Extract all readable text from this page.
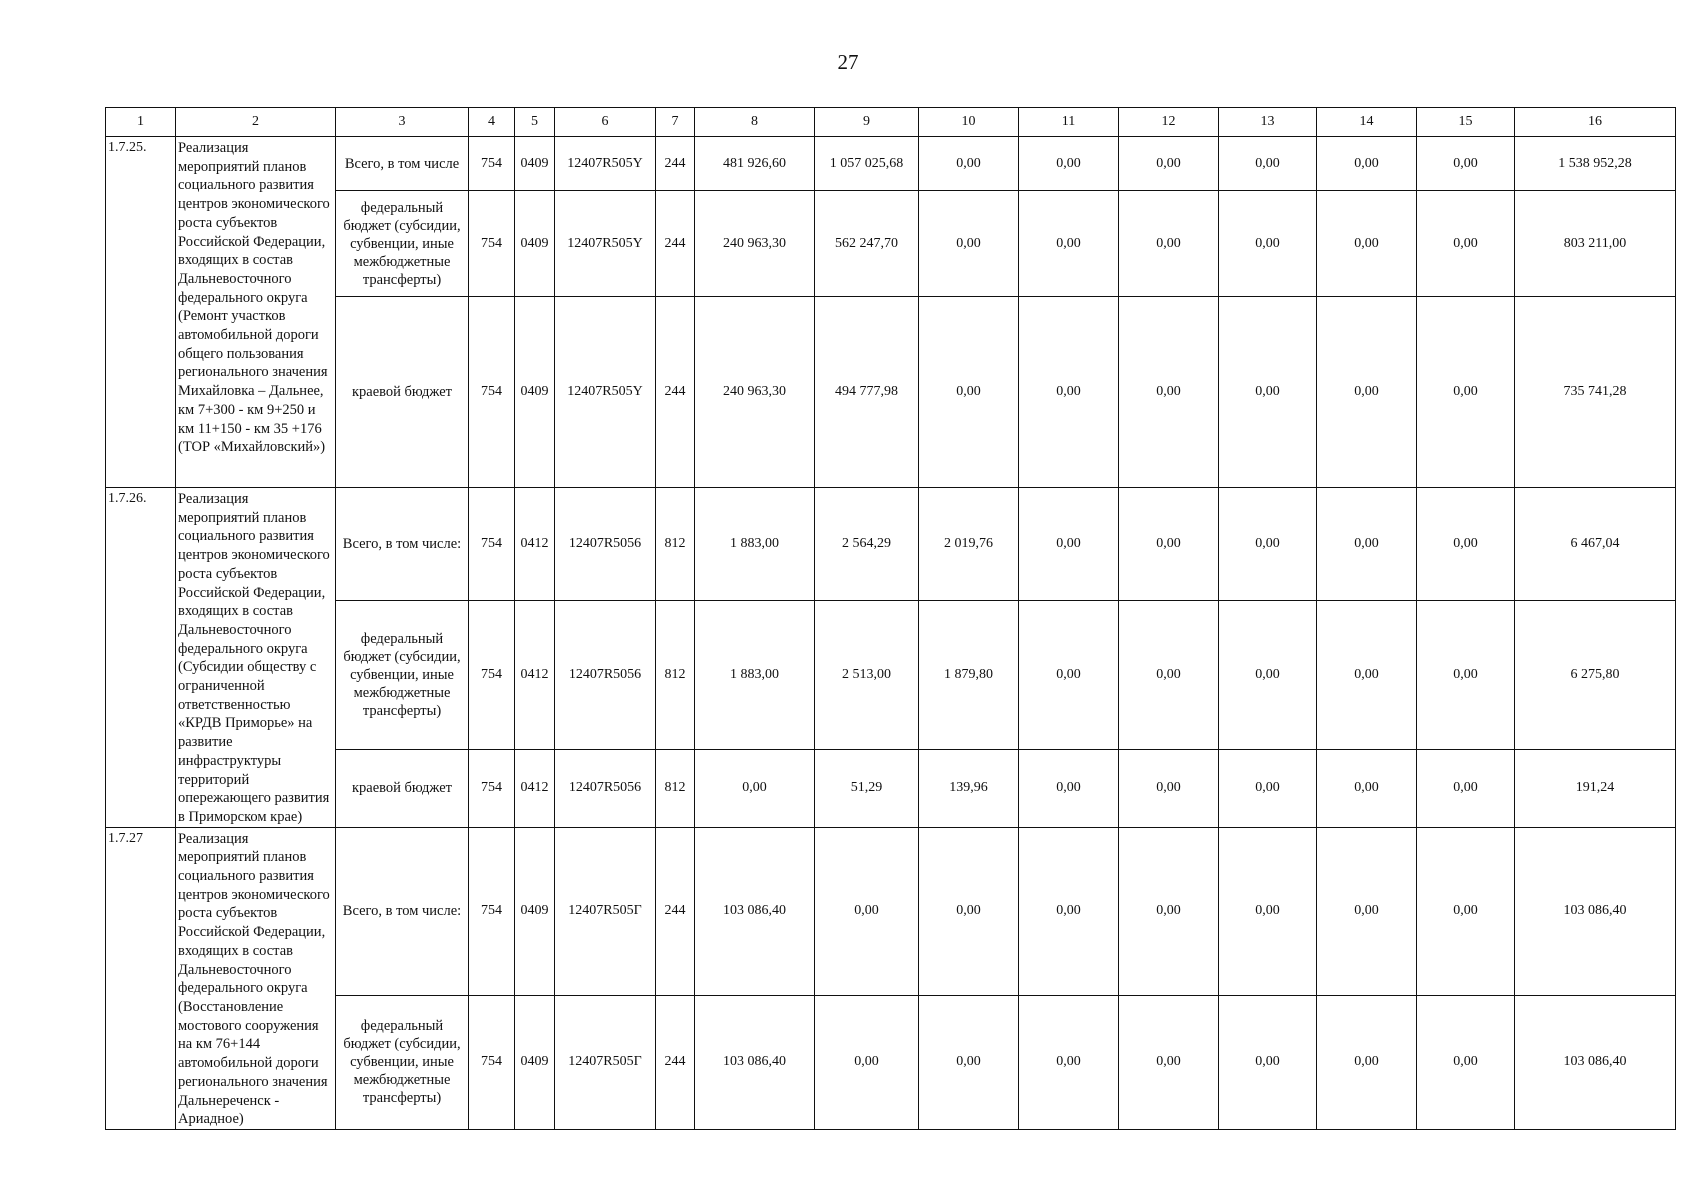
27
1	2	3	4	5	6	7	8	9	10	11	12	13	14	15	16
1.7.25.	Реализация мероприятий планов социального развития центров экономического роста субъектов Российской Федерации, входящих в состав Дальневосточного федерального округа (Ремонт участков автомобильной дороги общего пользования регионального значения Михайловка – Дальнее, км 7+300 - км 9+250 и км 11+150 - км 35 +176 (ТОР «Михайловский»)	Всего, в том числе	754	0409	12407R505Y	244	481 926,60	1 057 025,68	0,00	0,00	0,00	0,00	0,00	0,00	1 538 952,28
		федеральный бюджет (субсидии, субвенции, иные межбюджетные трансферты)	754	0409	12407R505Y	244	240 963,30	562 247,70	0,00	0,00	0,00	0,00	0,00	0,00	803 211,00
		краевой бюджет	754	0409	12407R505Y	244	240 963,30	494 777,98	0,00	0,00	0,00	0,00	0,00	0,00	735 741,28
1.7.26.	Реализация мероприятий планов социального развития центров экономического роста субъектов Российской Федерации, входящих в состав Дальневосточного федерального округа (Субсидии обществу с ограниченной ответственностью «КРДВ Приморье» на развитие инфраструктуры территорий опережающего развития в Приморском крае)	Всего, в том числе:	754	0412	12407R5056	812	1 883,00	2 564,29	2 019,76	0,00	0,00	0,00	0,00	0,00	6 467,04
		федеральный бюджет (субсидии, субвенции, иные межбюджетные трансферты)	754	0412	12407R5056	812	1 883,00	2 513,00	1 879,80	0,00	0,00	0,00	0,00	0,00	6 275,80
		краевой бюджет	754	0412	12407R5056	812	0,00	51,29	139,96	0,00	0,00	0,00	0,00	0,00	191,24
1.7.27	Реализация мероприятий планов социального развития центров экономического роста субъектов Российской Федерации, входящих в состав Дальневосточного федерального округа (Восстановление мостового сооружения на км 76+144 автомобильной дороги регионального значения Дальнереченск - Ариадное)	Всего, в том числе:	754	0409	12407R505Г	244	103 086,40	0,00	0,00	0,00	0,00	0,00	0,00	0,00	103 086,40
		федеральный бюджет (субсидии, субвенции, иные межбюджетные трансферты)	754	0409	12407R505Г	244	103 086,40	0,00	0,00	0,00	0,00	0,00	0,00	0,00	103 086,40
